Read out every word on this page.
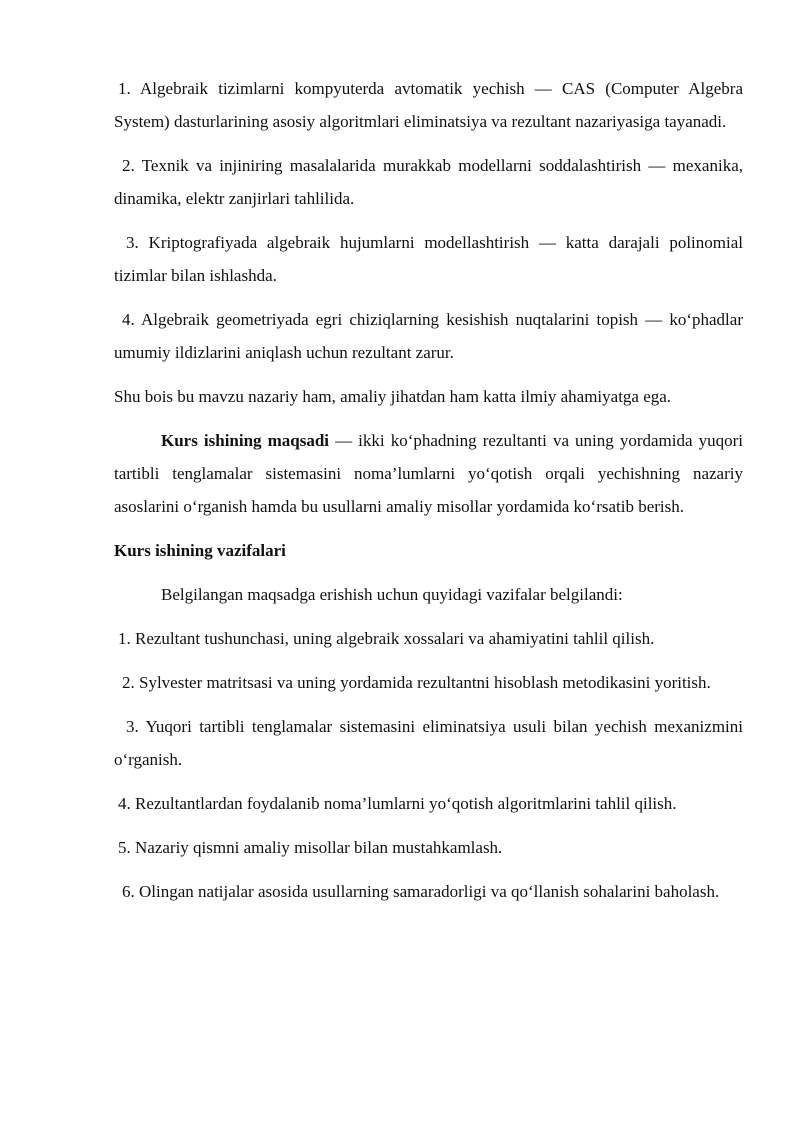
1. Algebraik tizimlarni kompyuterda avtomatik yechish — CAS (Computer Algebra System) dasturlarining asosiy algoritmlari eliminatsiya va rezultant nazariyasiga tayanadi.

2. Texnik va injiniring masalalarida murakkab modellarni soddalashtirish — mexanika, dinamika, elektr zanjirlari tahlilida.

3. Kriptografiyada algebraik hujumlarni modellashtirish — katta darajali polinomial tizimlar bilan ishlashda.

4. Algebraik geometriyada egri chiziqlarning kesishish nuqtalarini topish — ko‘phadlar umumiy ildizlarini aniqlash uchun rezultant zarur.

Shu bois bu mavzu nazariy ham, amaliy jihatdan ham katta ilmiy ahamiyatga ega.

Kurs ishining maqsadi — ikki ko‘phadning rezultanti va uning yordamida yuqori tartibli tenglamalar sistemasini noma’lumlarni yo‘qotish orqali yechishning nazariy asoslarini o‘rganish hamda bu usullarni amaliy misollar yordamida ko‘rsatib berish.

Kurs ishining vazifalari

Belgilangan maqsadga erishish uchun quyidagi vazifalar belgilandi:

1. Rezultant tushunchasi, uning algebraik xossalari va ahamiyatini tahlil qilish.

2. Sylvester matritsasi va uning yordamida rezultantni hisoblash metodikasini yoritish.

3. Yuqori tartibli tenglamalar sistemasini eliminatsiya usuli bilan yechish mexanizmini o‘rganish.

4. Rezultantlardan foydalanib noma’lumlarni yo‘qotish algoritmlarini tahlil qilish.

5. Nazariy qismni amaliy misollar bilan mustahkamlash.

6. Olingan natijalar asosida usullarning samaradorligi va qo‘llanish sohalarini baholash.
